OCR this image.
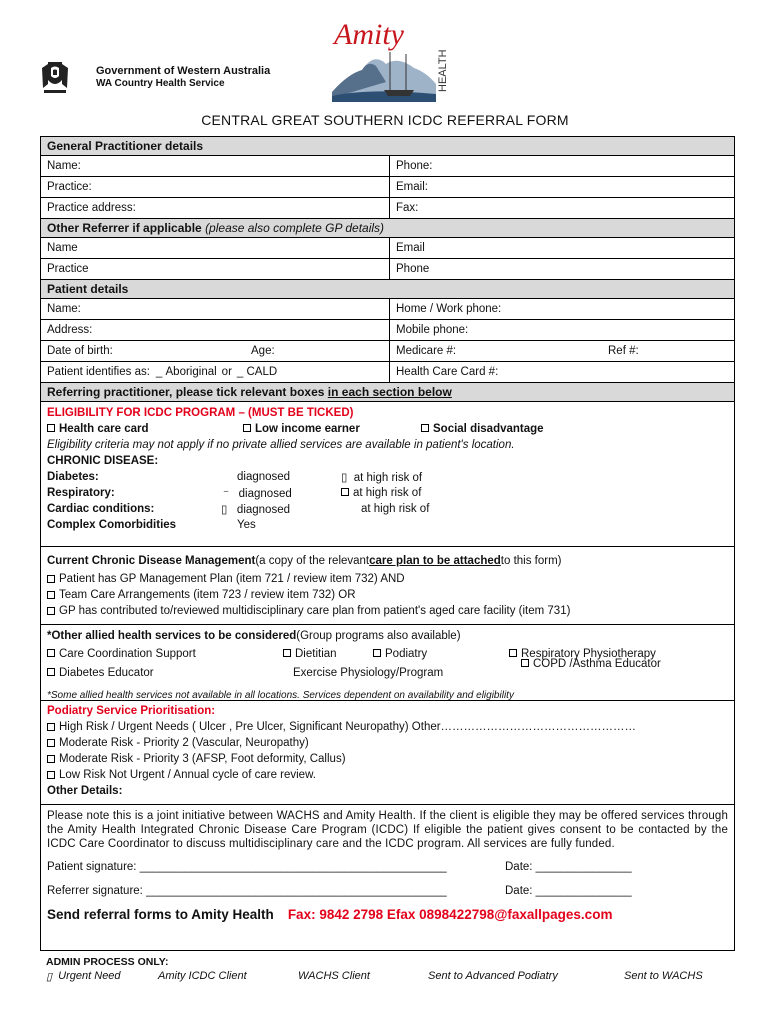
Government of Western Australia
WA Country Health Service
Amity
HEALTH
CENTRAL GREAT SOUTHERN ICDC REFERRAL FORM
General Practitioner details
Name:	Phone:
Practice:	Email:
Practice address:	Fax:
Other Referrer if applicable
(please also complete GP details)
Name	Email
Practice	Phone
Patient details
Name:	Home / Work phone:
Address:	Mobile phone:
Date of birth:	Age:	Medicare #:	Ref #:
Patient identifies as: _ Aboriginal or _ CALD	Health Care Card #:
Referring practitioner, please tick relevant boxes
in each section below
ELIGIBILITY FOR ICDC PROGRAM – (MUST BE TICKED)
Health care card	Low income earner	Social disadvantage
Eligibility criteria may not apply if no private allied services are available in patient's location.
CHRONIC DISEASE:
Diabetes:	diagnosed	▯  at high risk of
Respiratory:	⁻   diagnosed	at high risk of
Cardiac conditions:	▯   diagnosed	at high risk of
Complex Comorbidities	Yes
Current Chronic Disease Management (a copy of the relevant care plan to be attached to this form)
Patient has GP Management Plan (item 721 / review item 732) AND
Team Care Arrangements (item 723 / review item 732) OR
GP has contributed to/reviewed multidisciplinary care plan from patient's aged care facility (item 731)
*Other allied health services to be considered (Group programs also available)
Care Coordination Support	Dietitian	Podiatry	Respiratory Physiotherapy
Diabetes Educator	Exercise Physiology/Program
COPD /Asthma Educator
*Some allied health services not available in all locations. Services dependent on availability and eligibility
Podiatry Service Prioritisation:
High Risk / Urgent Needs ( Ulcer , Pre Ulcer, Significant Neuropathy) Other……………………………………………
Moderate Risk - Priority 2 (Vascular, Neuropathy)
Moderate Risk - Priority 3 (AFSP, Foot deformity, Callus)
Low Risk Not Urgent / Annual cycle of care review.
Other Details:
Please note this is a joint initiative between WACHS and Amity Health. If the client is eligible they may be offered services through the Amity Health Integrated Chronic Disease Care Program (ICDC) If eligible the patient gives consent to be contacted by the ICDC Care Coordinator to discuss multidisciplinary care and the ICDC program. All services are fully funded.
Patient signature: ________________________________________________	Date: _______________
Referrer signature: _______________________________________________	Date: _______________
Send referral forms to Amity Health Fax: 9842 2798 Efax 0898422798@faxallpages.com
ADMIN PROCESS ONLY:
▯ Urgent Need	Amity ICDC Client	WACHS Client	Sent to Advanced Podiatry	Sent to WACHS
